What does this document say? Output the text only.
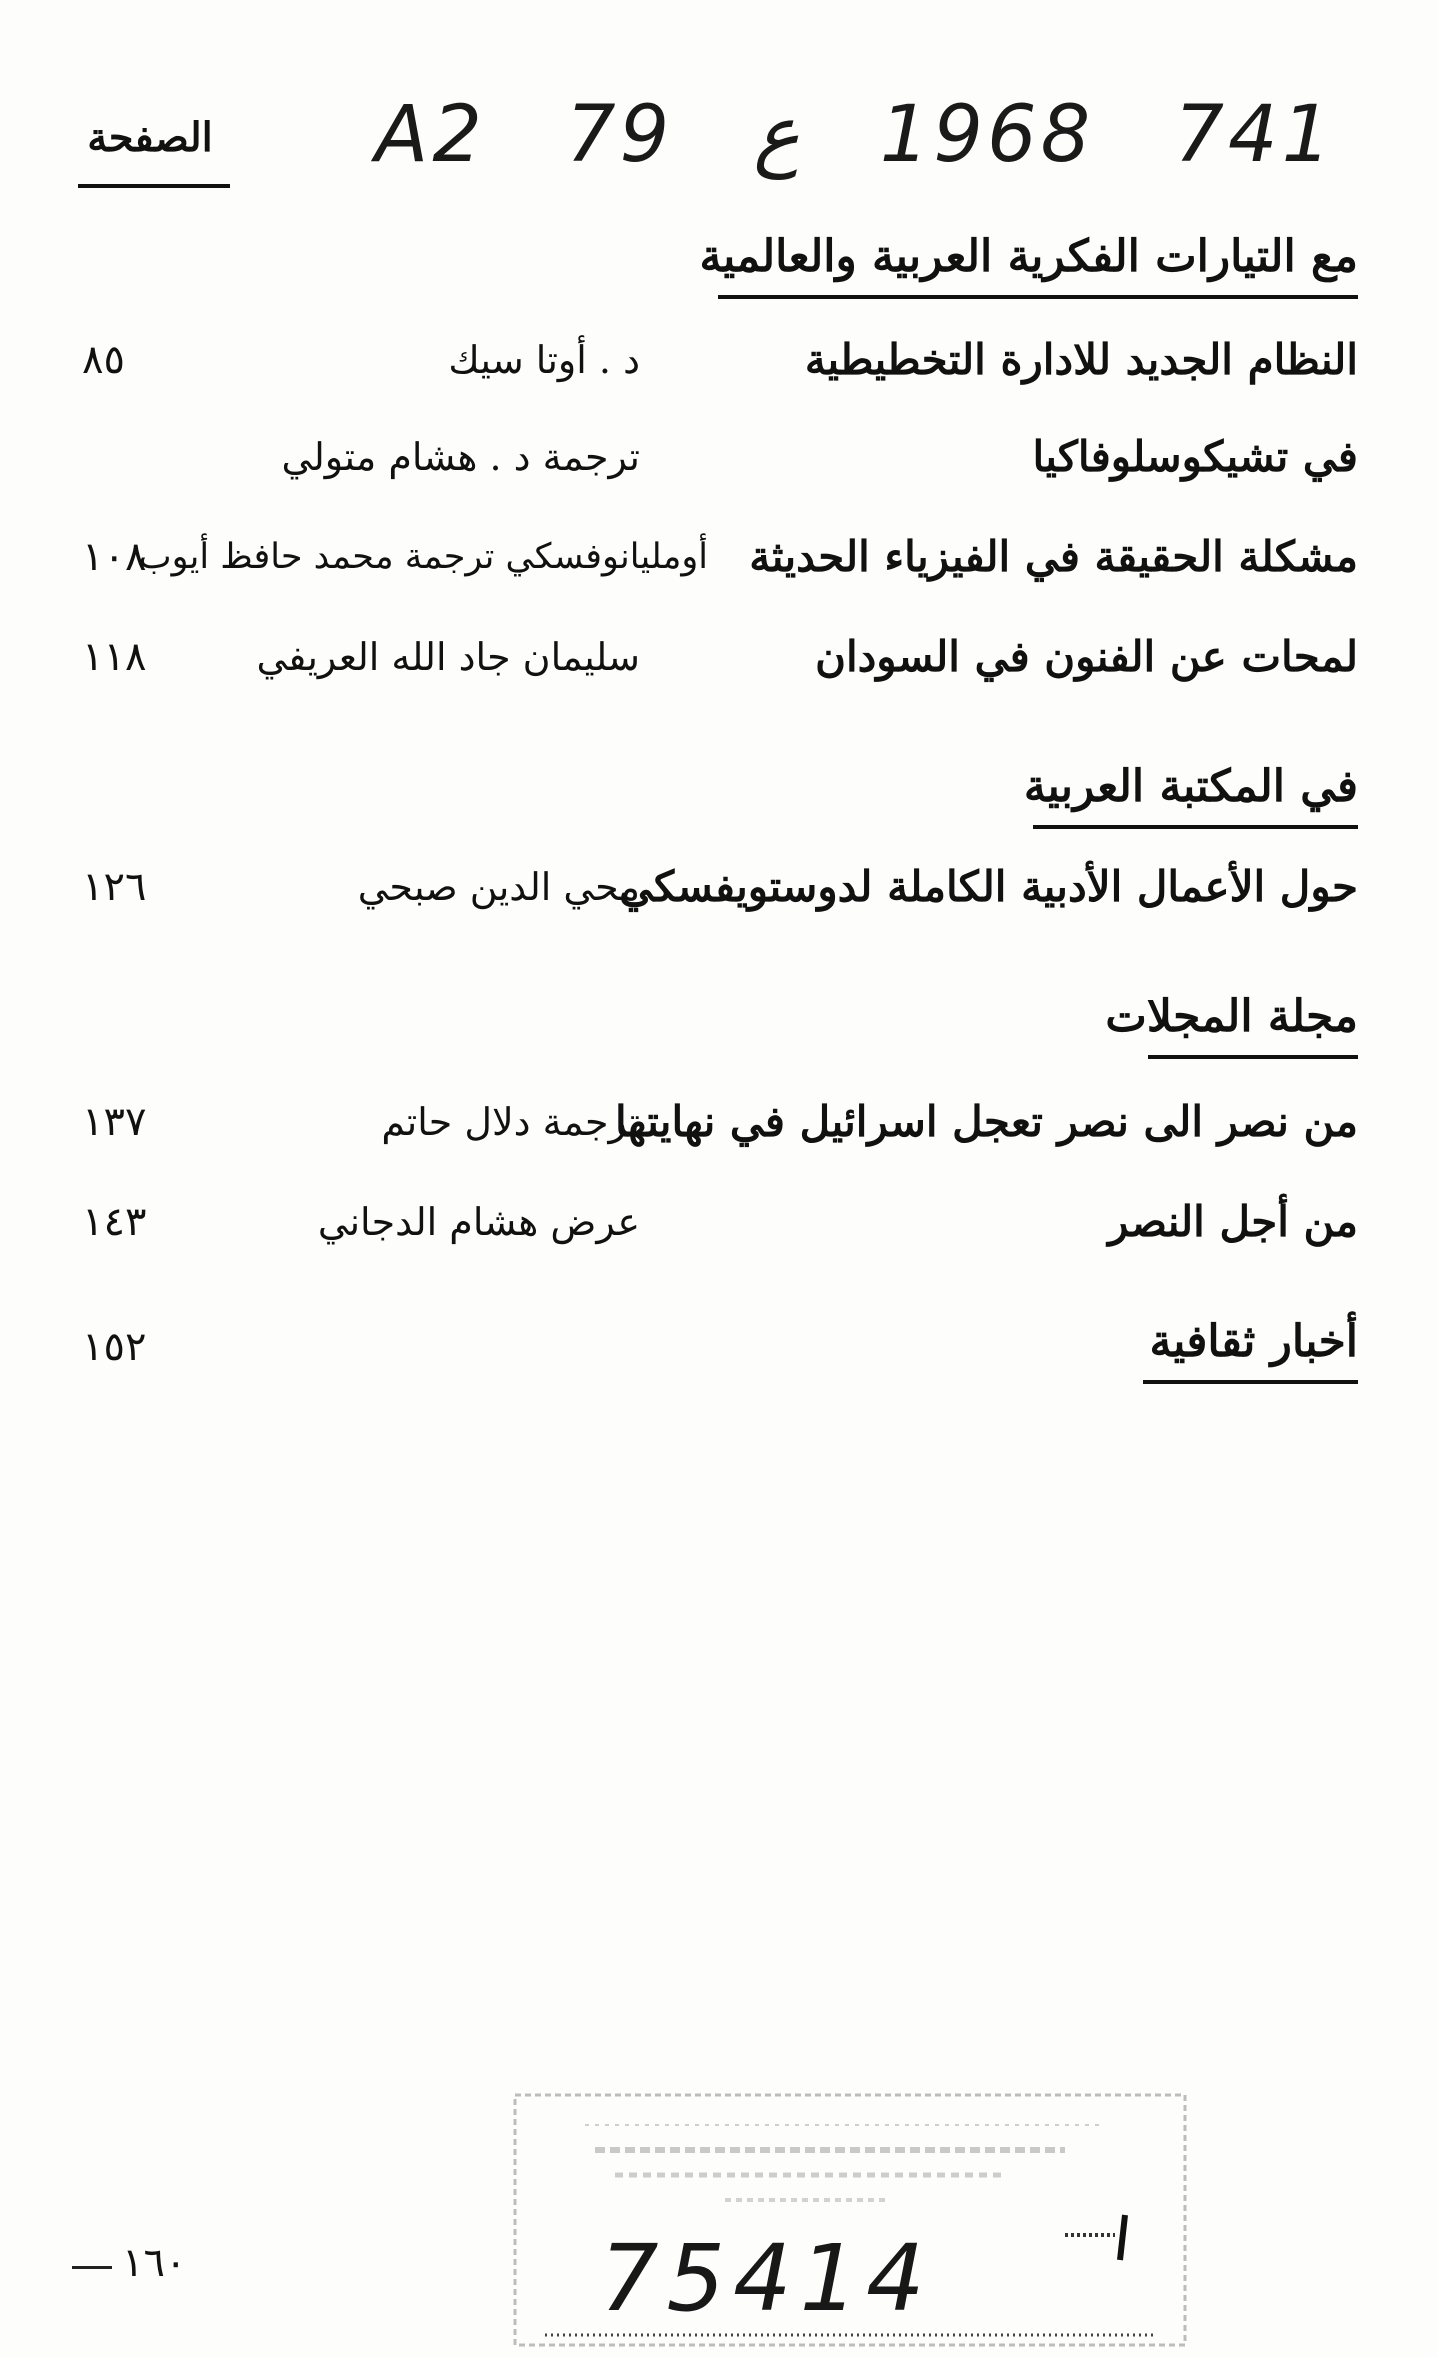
A2 79 ع 1968 741
الصفحة
مع التيارات الفكرية العربية والعالمية
النظام الجديد للادارة التخطيطية
د . أوتا سيك
٨٥
في تشيكوسلوفاكيا
ترجمة د . هشام متولي
مشكلة الحقيقة في الفيزياء الحديثة
أومليانوفسكي ترجمة محمد حافظ أيوب
١٠٨
لمحات عن الفنون في السودان
سليمان جاد الله العريفي
١١٨
في المكتبة العربية
حول الأعمال الأدبية الكاملة لدوستويفسكي
محي الدين صبحي
١٢٦
مجلة المجلات
من نصر الى نصر تعجل اسرائيل في نهايتها
ترجمة دلال حاتم
١٣٧
من أجل النصر
عرض هشام الدجاني
١٤٣
أخبار ثقافية
١٥٢
75414
١٦٠
